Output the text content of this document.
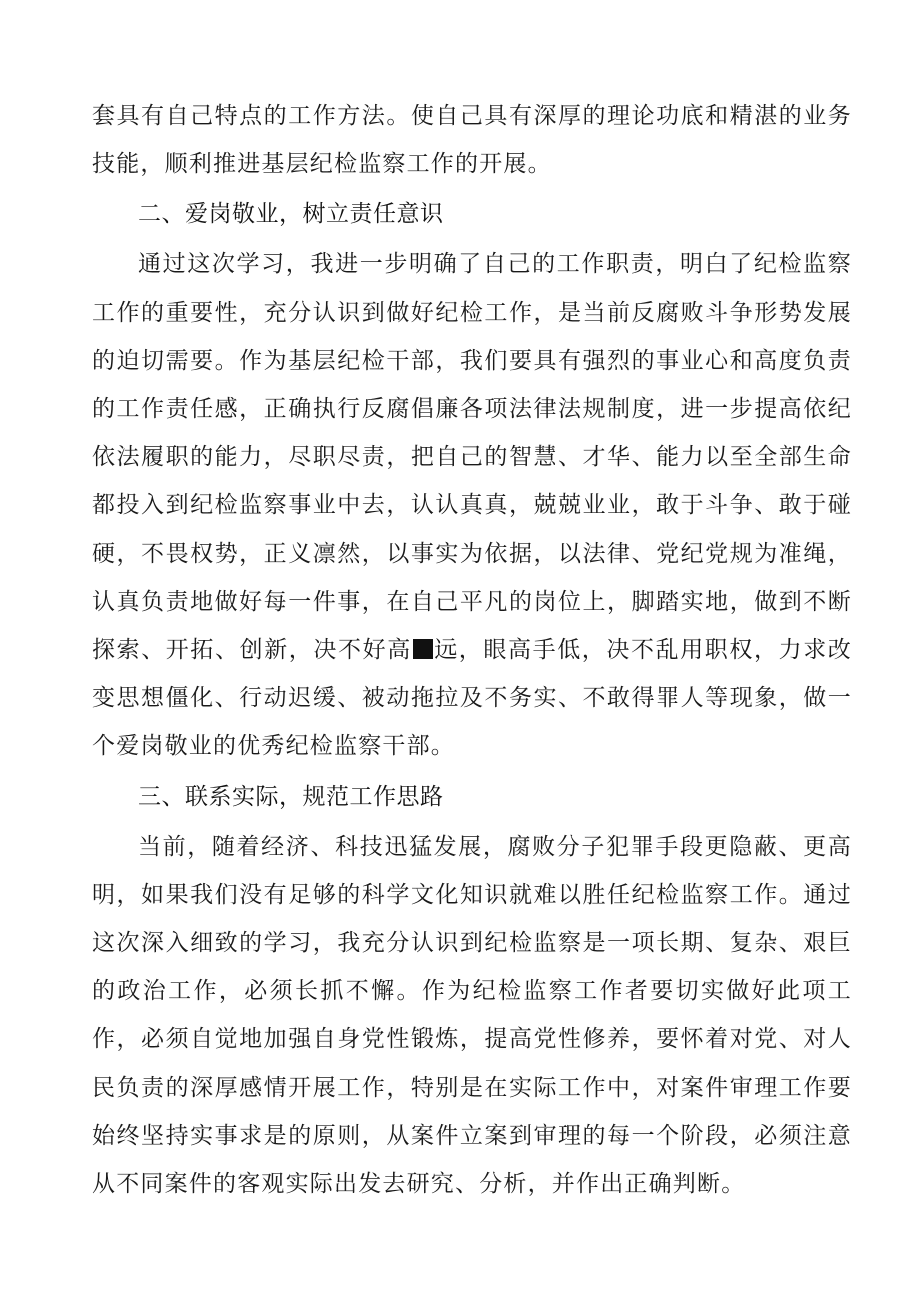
套具有自己特点的工作方法。使自己具有深厚的理论功底和精湛的业务技能，顺利推进基层纪检监察工作的开展。

二、爱岗敬业，树立责任意识

通过这次学习，我进一步明确了自己的工作职责，明白了纪检监察工作的重要性，充分认识到做好纪检工作，是当前反腐败斗争形势发展的迫切需要。作为基层纪检干部，我们要具有强烈的事业心和高度负责的工作责任感，正确执行反腐倡廉各项法律法规制度，进一步提高依纪依法履职的能力，尽职尽责，把自己的智慧、才华、能力以至全部生命都投入到纪检监察事业中去，认认真真，兢兢业业，敢于斗争、敢于碰硬，不畏权势，正义凛然，以事实为依据，以法律、党纪党规为准绳，认真负责地做好每一件事，在自己平凡的岗位上，脚踏实地，做到不断探索、开拓、创新，决不好高 远，眼高手低，决不乱用职权，力求改变思想僵化、行动迟缓、被动拖拉及不务实、不敢得罪人等现象，做一个爱岗敬业的优秀纪检监察干部。

三、联系实际，规范工作思路

当前，随着经济、科技迅猛发展，腐败分子犯罪手段更隐蔽、更高明，如果我们没有足够的科学文化知识就难以胜任纪检监察工作。通过这次深入细致的学习，我充分认识到纪检监察是一项长期、复杂、艰巨的政治工作，必须长抓不懈。作为纪检监察工作者要切实做好此项工作，必须自觉地加强自身党性锻炼，提高党性修养，要怀着对党、对人民负责的深厚感情开展工作，特别是在实际工作中，对案件审理工作要始终坚持实事求是的原则，从案件立案到审理的每一个阶段，必须注意从不同案件的客观实际出发去研究、分析，并作出正确判断。
